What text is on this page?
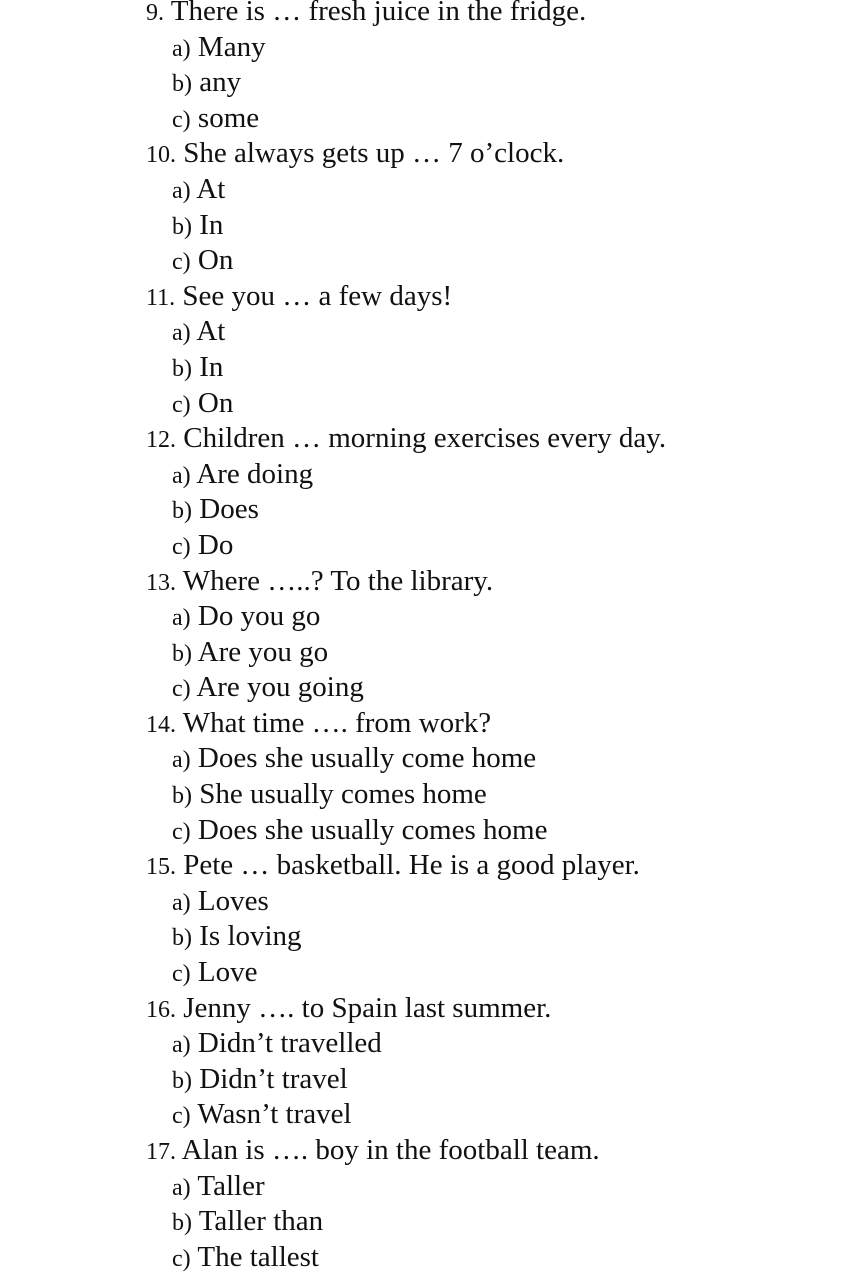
9. There is … fresh juice in the fridge.
a) Many
b) any
c) some
10. She always gets up … 7 o’clock.
a) At
b) In
c) On
11. See you … a few days!
a) At
b) In
c) On
12. Children … morning exercises every day.
a) Are doing
b) Does
c) Do
13. Where …..? To the library.
a) Do you go
b) Are you go
c) Are you going
14. What time …. from work?
a) Does she usually come home
b) She usually comes home
c) Does she usually comes home
15. Pete … basketball. He is a good player.
a) Loves
b) Is loving
c) Love
16. Jenny …. to Spain last summer.
a) Didn’t travelled
b) Didn’t travel
c) Wasn’t travel
17. Alan is …. boy in the football team.
a) Taller
b) Taller than
c) The tallest
